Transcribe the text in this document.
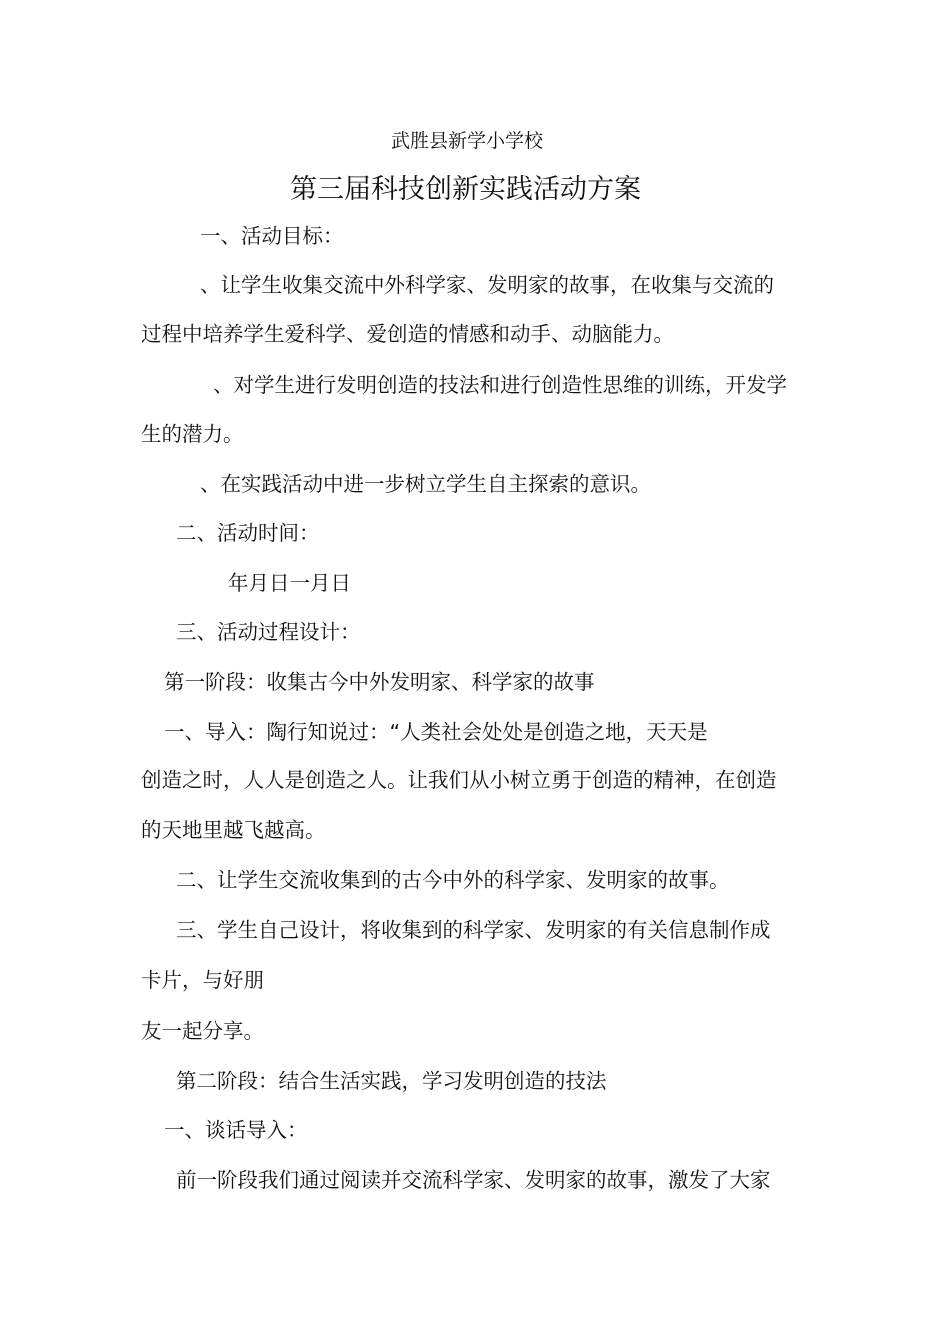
武胜县新学小学校
第三届科技创新实践活动方案
一、活动目标：
、让学生收集交流中外科学家、发明家的故事，在收集与交流的
过程中培养学生爱科学、爱创造的情感和动手、动脑能力。
、对学生进行发明创造的技法和进行创造性思维的训练，开发学
生的潜力。
、在实践活动中进一步树立学生自主探索的意识。
二、活动时间：
年月日一月日
三、活动过程设计：
第一阶段：收集古今中外发明家、科学家的故事
一、导入：陶行知说过：“人类社会处处是创造之地，天天是
创造之时，人人是创造之人。让我们从小树立勇于创造的精神，在创造
的天地里越飞越高。
二、让学生交流收集到的古今中外的科学家、发明家的故事。
三、学生自己设计，将收集到的科学家、发明家的有关信息制作成
卡片，与好朋
友一起分享。
第二阶段：结合生活实践，学习发明创造的技法
一、谈话导入：
前一阶段我们通过阅读并交流科学家、发明家的故事，激发了大家
